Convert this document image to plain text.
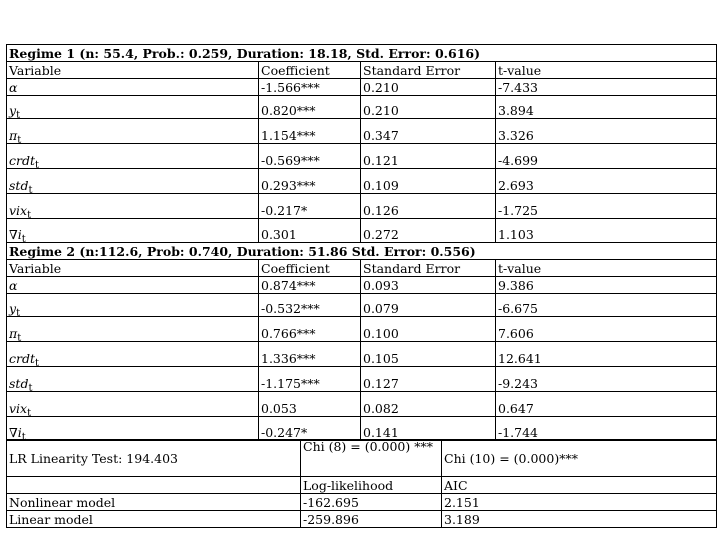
Regime 1 (n: 55.4, Prob.: 0.259, Duration: 18.18, Std. Error: 0.616)			
Variable	Coefficient	Standard Error	t-value
α	-1.566***	0.210	-7.433
$y_t$	0.820***	0.210	3.894
$\pi_t$	1.154***	0.347	3.326
crdt$_t$	-0.569***	0.121	-4.699
std$_t$	0.293***	0.109	2.693
vix$_t$	-0.217*	0.126	-1.725
$\nabla i_t$	0.301	0.272	1.103
Regime 2 (n:112.6, Prob: 0.740, Duration: 51.86 Std. Error: 0.556)			
Variable	Coefficient	Standard Error	t-value
α	0.874***	0.093	9.386
$y_t$	-0.532***	0.079	-6.675
$\pi_t$	0.766***	0.100	7.606
crdt$_t$	1.336***	0.105	12.641
std$_t$	-1.175***	0.127	-9.243
vix$_t$	0.053	0.082	0.647
$\nabla i_t$	-0.247*	0.141	-1.744
LR Linearity Test: 194.403	Chi (8) = (0.000) ***	Chi (10) = (0.000)***
	Log-likelihood	AIC
Nonlinear model	-162.695	2.151
Linear model	-259.896	3.189
